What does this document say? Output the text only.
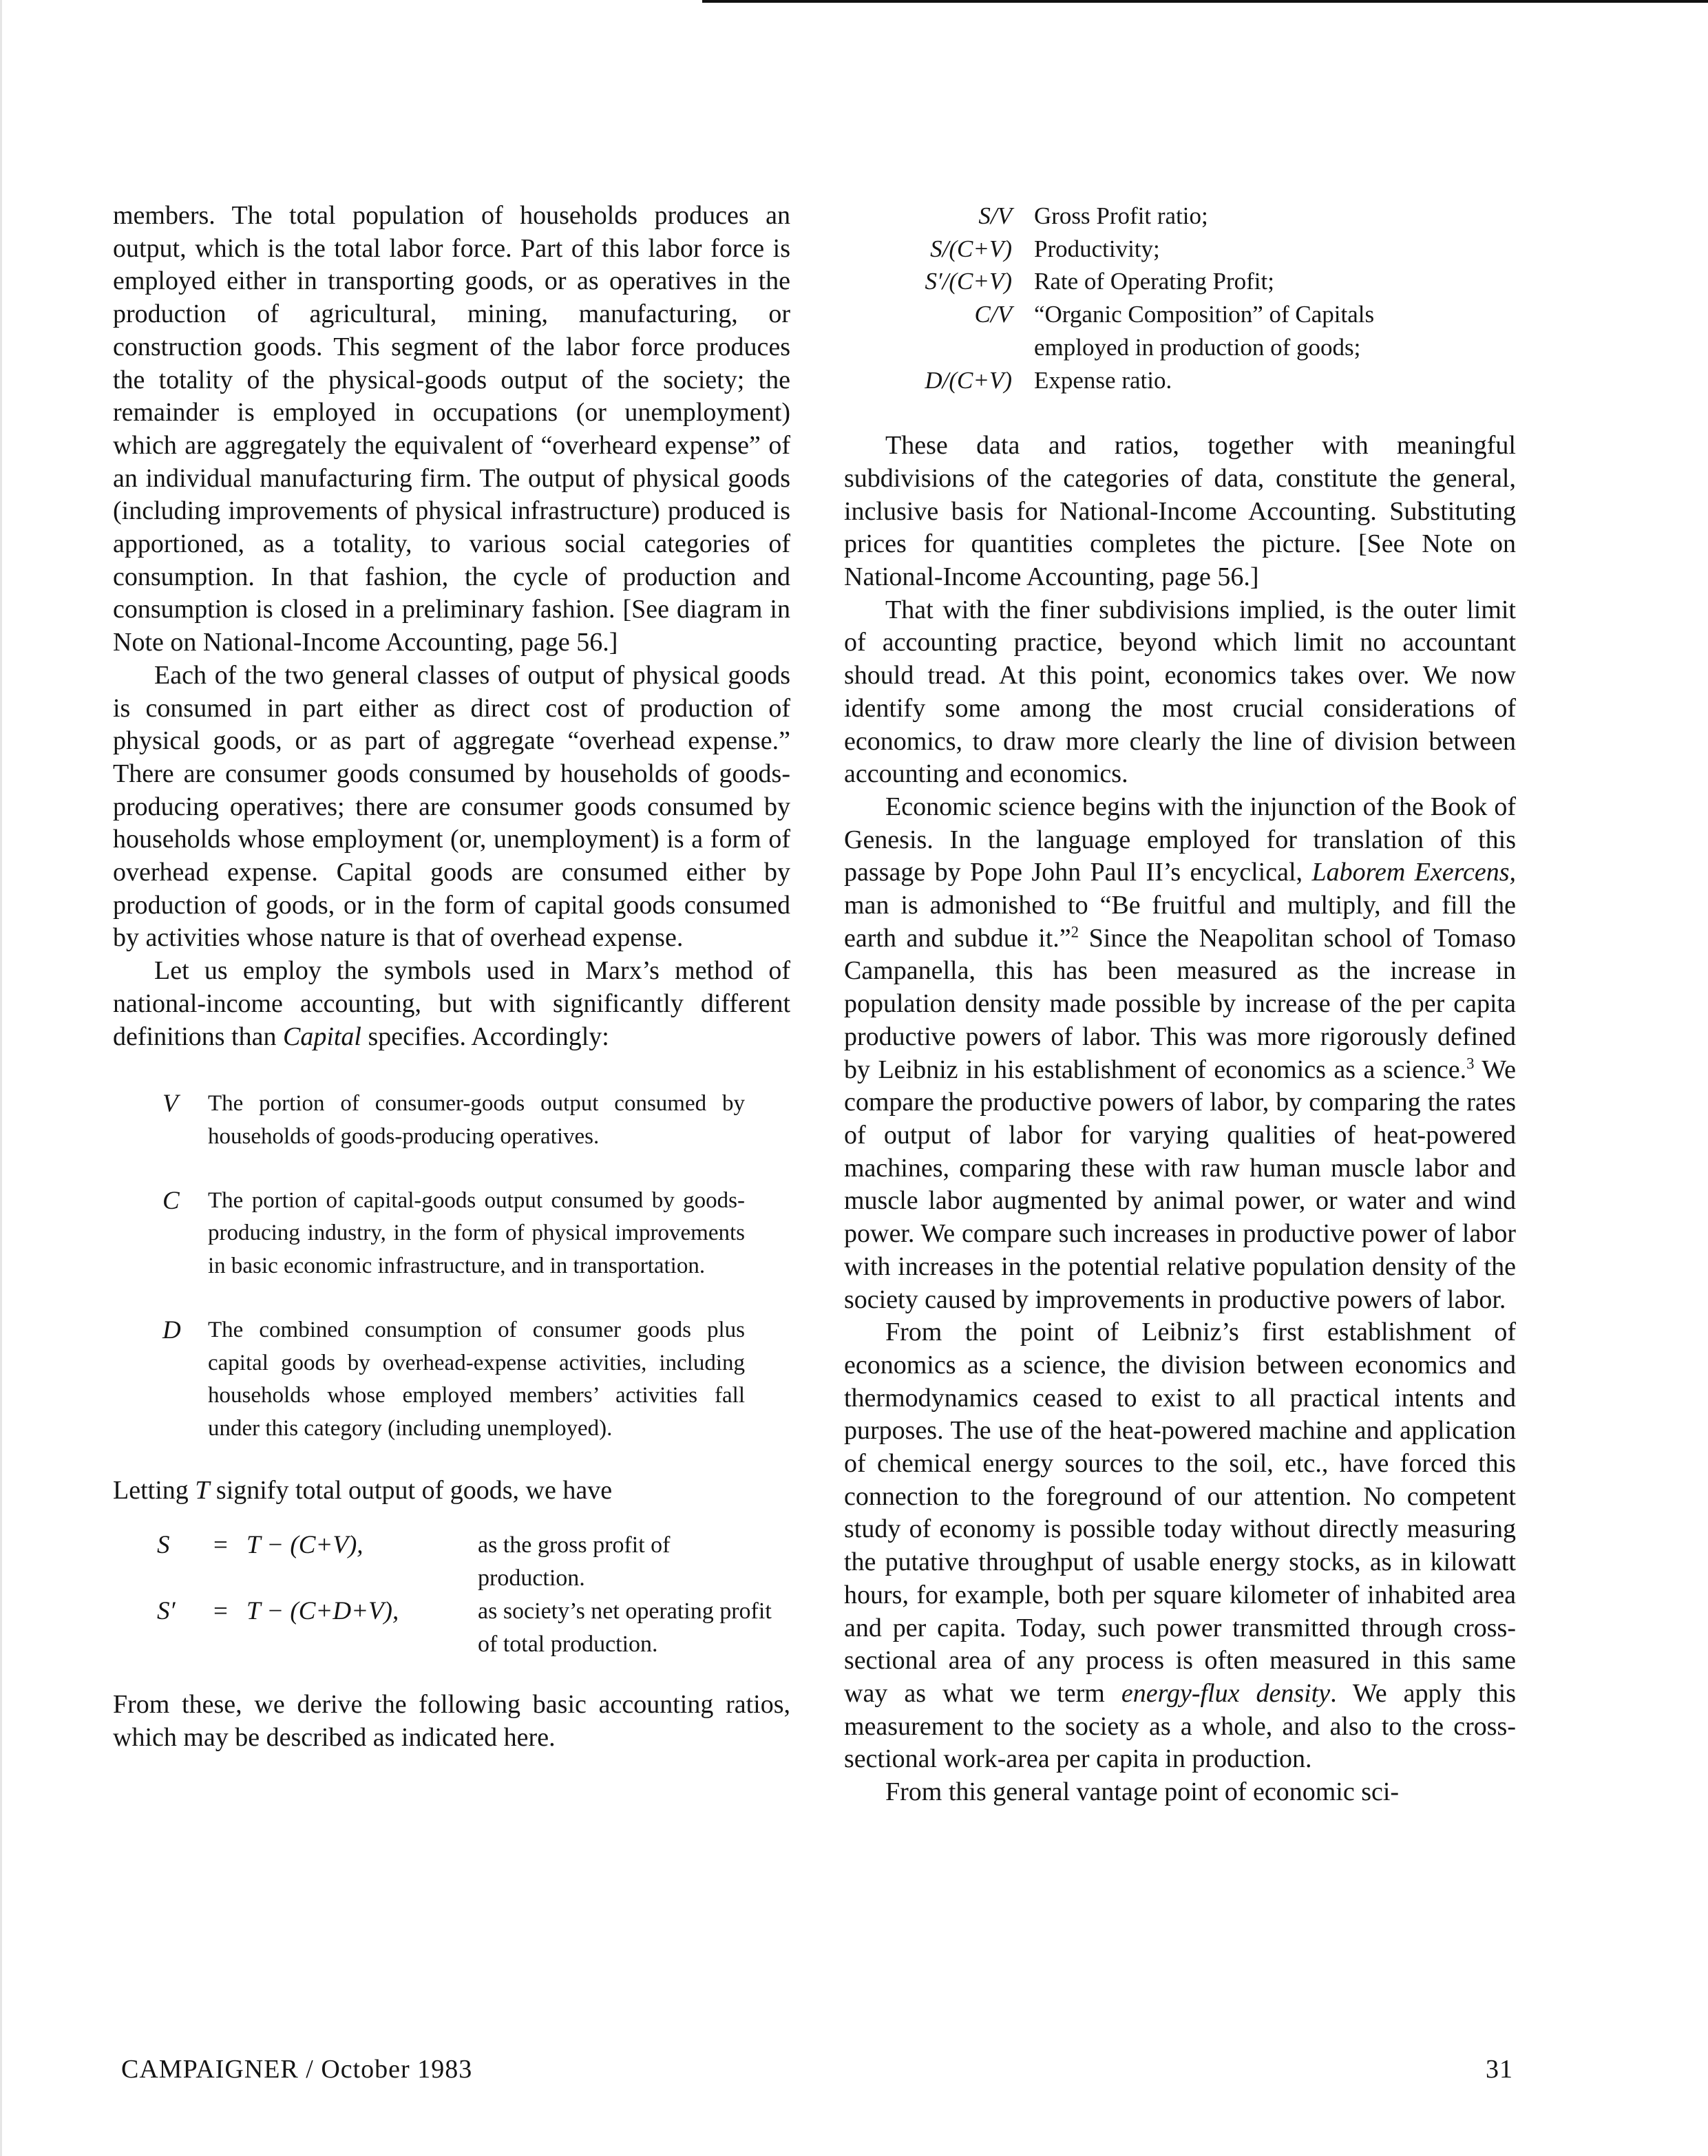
members. The total population of households produces an output, which is the total labor force. Part of this labor force is employed either in transporting goods, or as operatives in the production of agricultural, mining, manufacturing, or construction goods. This segment of the labor force produces the totality of the physical-goods output of the society; the remainder is employed in occupations (or unemployment) which are aggregately the equivalent of “overheard expense” of an individual manufacturing firm. The output of physical goods (including improvements of physical infrastructure) produced is apportioned, as a totality, to various social categories of consumption. In that fashion, the cycle of production and consumption is closed in a preliminary fashion. [See diagram in Note on National-Income Accounting, page 56.]

Each of the two general classes of output of physical goods is consumed in part either as direct cost of production of physical goods, or as part of aggregate “overhead expense.” There are consumer goods consumed by households of goods-producing operatives; there are consumer goods consumed by households whose employment (or, unemployment) is a form of overhead expense. Capital goods are consumed either by production of goods, or in the form of capital goods consumed by activities whose nature is that of overhead expense.

Let us employ the symbols used in Marx’s method of national-income accounting, but with significantly different definitions than Capital specifies. Accordingly:

V	The portion of consumer-goods output consumed by households of goods-producing operatives.
C	The portion of capital-goods output consumed by goods-producing industry, in the form of physical improvements in basic economic infrastructure, and in transportation.
D	The combined consumption of consumer goods plus capital goods by overhead-expense activities, including households whose employed members’ activities fall under this category (including unemployed).

Letting T signify total output of goods, we have

S	= T − (C+V),	as the gross profit of production.
S′	= T − (C+D+V),	as society’s net operating profit of total production.

From these, we derive the following basic accounting ratios, which may be described as indicated here.

S/V Gross Profit ratio;
S/(C+V) Productivity;
S′/(C+V) Rate of Operating Profit;
C/V “Organic Composition” of Capitals employed in production of goods;
D/(C+V) Expense ratio.

These data and ratios, together with meaningful subdivisions of the categories of data, constitute the general, inclusive basis for National-Income Accounting. Substituting prices for quantities completes the picture. [See Note on National-Income Accounting, page 56.]

That with the finer subdivisions implied, is the outer limit of accounting practice, beyond which limit no accountant should tread. At this point, economics takes over. We now identify some among the most crucial considerations of economics, to draw more clearly the line of division between accounting and economics.

Economic science begins with the injunction of the Book of Genesis. In the language employed for translation of this passage by Pope John Paul II’s encyclical, Laborem Exercens, man is admonished to “Be fruitful and multiply, and fill the earth and subdue it.”$^2$ Since the Neapolitan school of Tomaso Campanella, this has been measured as the increase in population density made possible by increase of the per capita productive powers of labor. This was more rigorously defined by Leibniz in his establishment of economics as a science.$^3$ We compare the productive powers of labor, by comparing the rates of output of labor for varying qualities of heat-powered machines, comparing these with raw human muscle labor and muscle labor augmented by animal power, or water and wind power. We compare such increases in productive power of labor with increases in the potential relative population density of the society caused by improvements in productive powers of labor.

From the point of Leibniz’s first establishment of economics as a science, the division between economics and thermodynamics ceased to exist to all practical intents and purposes. The use of the heat-powered machine and application of chemical energy sources to the soil, etc., have forced this connection to the foreground of our attention. No competent study of economy is possible today without directly measuring the putative throughput of usable energy stocks, as in kilowatt hours, for example, both per square kilometer of inhabited area and per capita. Today, such power transmitted through cross-sectional area of any process is often measured in this same way as what we term energy-flux density. We apply this measurement to the society as a whole, and also to the cross-sectional work-area per capita in production.

From this general vantage point of economic sci-

CAMPAIGNER / October 1983	31
